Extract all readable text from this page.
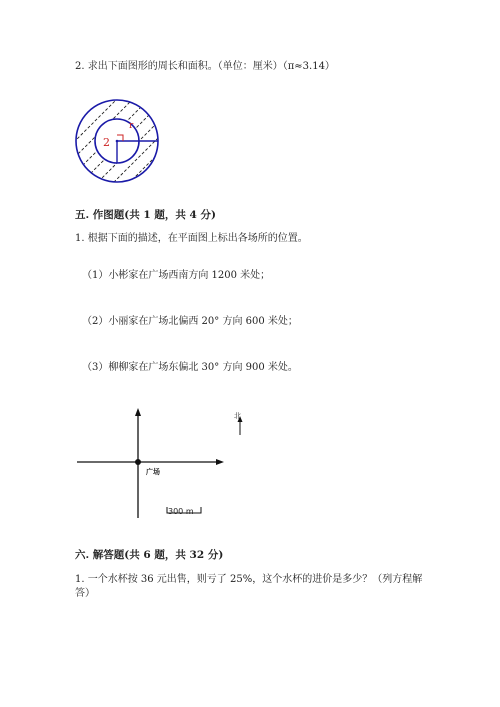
2. 求出下面图形的周长和面积。（单位：厘米）（π≈3.14）
2
r
五. 作图题(共 1 题，共 4 分)
1. 根据下面的描述，在平面图上标出各场所的位置。
（1）小彬家在广场西南方向 1200 米处；
（2）小丽家在广场北偏西 20° 方向 600 米处；
（3）柳柳家在广场东偏北 30° 方向 900 米处。
北
广场
300 m
六. 解答题(共 6 题，共 32 分)
1. 一个水杯按 36 元出售，则亏了 25%，这个水杯的进价是多少？（列方程解
答）
